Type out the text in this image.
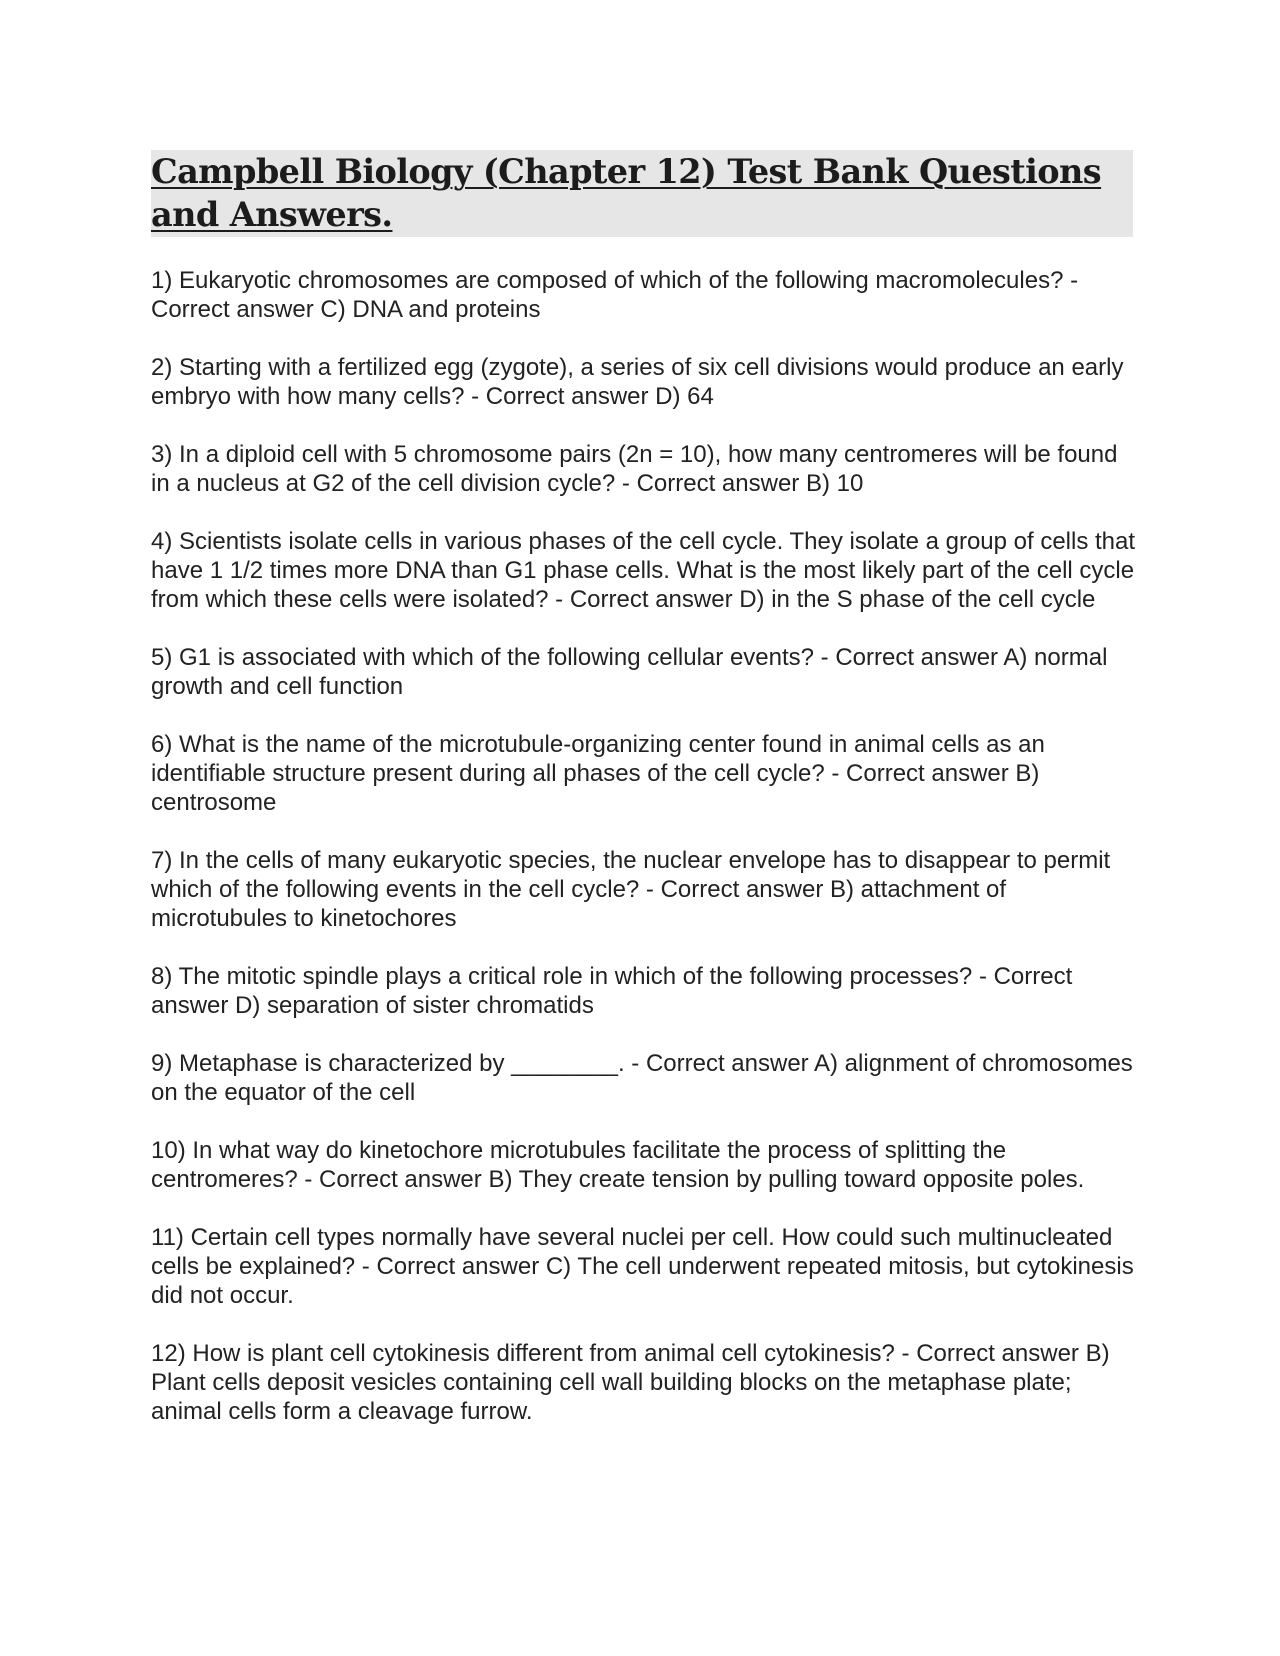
Campbell Biology (Chapter 12) Test Bank Questions and Answers.
1) Eukaryotic chromosomes are composed of which of the following macromolecules? - Correct answer C) DNA and proteins
2) Starting with a fertilized egg (zygote), a series of six cell divisions would produce an early embryo with how many cells? - Correct answer D) 64
3) In a diploid cell with 5 chromosome pairs (2n = 10), how many centromeres will be found in a nucleus at G2 of the cell division cycle? - Correct answer B) 10
4) Scientists isolate cells in various phases of the cell cycle. They isolate a group of cells that have 1 1/2 times more DNA than G1 phase cells. What is the most likely part of the cell cycle from which these cells were isolated? - Correct answer D) in the S phase of the cell cycle
5) G1 is associated with which of the following cellular events? - Correct answer A) normal growth and cell function
6) What is the name of the microtubule-organizing center found in animal cells as an identifiable structure present during all phases of the cell cycle? - Correct answer B) centrosome
7) In the cells of many eukaryotic species, the nuclear envelope has to disappear to permit which of the following events in the cell cycle? - Correct answer B) attachment of microtubules to kinetochores
8) The mitotic spindle plays a critical role in which of the following processes? - Correct answer D) separation of sister chromatids
9) Metaphase is characterized by ________. - Correct answer A) alignment of chromosomes on the equator of the cell
10) In what way do kinetochore microtubules facilitate the process of splitting the centromeres? - Correct answer B) They create tension by pulling toward opposite poles.
11) Certain cell types normally have several nuclei per cell. How could such multinucleated cells be explained? - Correct answer C) The cell underwent repeated mitosis, but cytokinesis did not occur.
12) How is plant cell cytokinesis different from animal cell cytokinesis? - Correct answer B) Plant cells deposit vesicles containing cell wall building blocks on the metaphase plate; animal cells form a cleavage furrow.
